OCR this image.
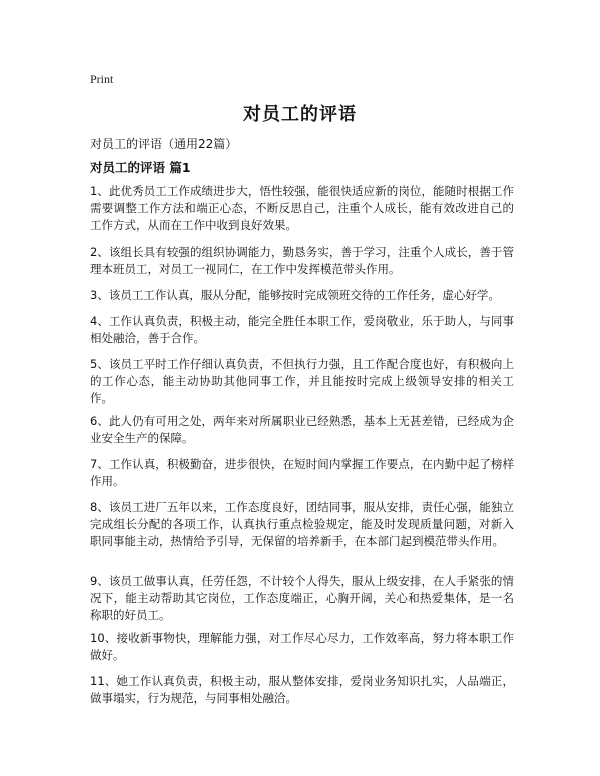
Print
对员工的评语
对员工的评语（通用22篇）
对员工的评语 篇1

1、此优秀员工工作成绩进步大，悟性较强，能很快适应新的岗位，能随时根据工作需要调整工作方法和端正心态，不断反思自己，注重个人成长，能有效改进自己的工作方式，从而在工作中收到良好效果。

2、该组长具有较强的组织协调能力，勤恳务实，善于学习，注重个人成长，善于管理本班员工，对员工一视同仁，在工作中发挥模范带头作用。

3、该员工工作认真，服从分配，能够按时完成领班交待的工作任务，虚心好学。

4、工作认真负责，积极主动，能完全胜任本职工作，爱岗敬业，乐于助人，与同事相处融洽，善于合作。

5、该员工平时工作仔细认真负责，不但执行力强，且工作配合度也好，有积极向上的工作心态，能主动协助其他同事工作，并且能按时完成上级领导安排的相关工作。

6、此人仍有可用之处，两年来对所属职业已经熟悉，基本上无甚差错，已经成为企业安全生产的保障。

7、工作认真，积极勤奋，进步很快，在短时间内掌握工作要点，在内勤中起了榜样作用。

8、该员工进厂五年以来，工作态度良好，团结同事，服从安排，责任心强，能独立完成组长分配的各项工作，认真执行重点检验规定，能及时发现质量问题，对新入职同事能主动，热情给予引导，无保留的培养新手，在本部门起到模范带头作用。

9、该员工做事认真，任劳任怨，不计较个人得失，服从上级安排，在人手紧张的情况下，能主动帮助其它岗位，工作态度端正，心胸开阔，关心和热爱集体，是一名称职的好员工。

10、接收新事物快，理解能力强，对工作尽心尽力，工作效率高，努力将本职工作做好。

11、她工作认真负责，积极主动，服从整体安排，爱岗业务知识扎实，人品端正，做事塌实，行为规范，与同事相处融洽。
